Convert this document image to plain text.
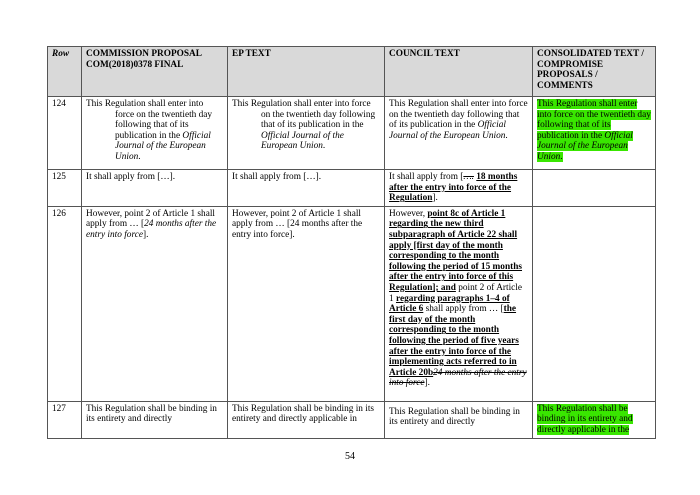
Row	COMMISSION PROPOSAL COM(2018)0378 FINAL	EP TEXT	COUNCIL TEXT	CONSOLIDATED TEXT / COMPROMISE PROPOSALS / COMMENTS
124	This Regulation shall enter into force on the twentieth day following that of its publication in the Official Journal of the European Union.	This Regulation shall enter into force on the twentieth day following that of its publication in the Official Journal of the European Union.	This Regulation shall enter into force on the twentieth day following that of its publication in the Official Journal of the European Union.	This Regulation shall enter into force on the twentieth day following that of its publication in the Official Journal of the European Union.
125	It shall apply from […].	It shall apply from […].	It shall apply from […. 18 months after the entry into force of the Regulation].	
126	However, point 2 of Article 1 shall apply from … [24 months after the entry into force].	However, point 2 of Article 1 shall apply from … [24 months after the entry into force].	However, point 8c of Article 1 regarding the new third subparagraph of Article 22 shall apply [first day of the month corresponding to the month following the period of 15 months after the entry into force of this Regulation]; and point 2 of Article 1 regarding paragraphs 1–4 of Article 6 shall apply from … [the first day of the month corresponding to the month following the period of five years after the entry into force of the implementing acts referred to in Article 20b24 months after the entry into force].	
127	This Regulation shall be binding in its entirety and directly	This Regulation shall be binding in its entirety and directly applicable in	This Regulation shall be binding in its entirety and directly	This Regulation shall be binding in its entirety and directly applicable in the
54
